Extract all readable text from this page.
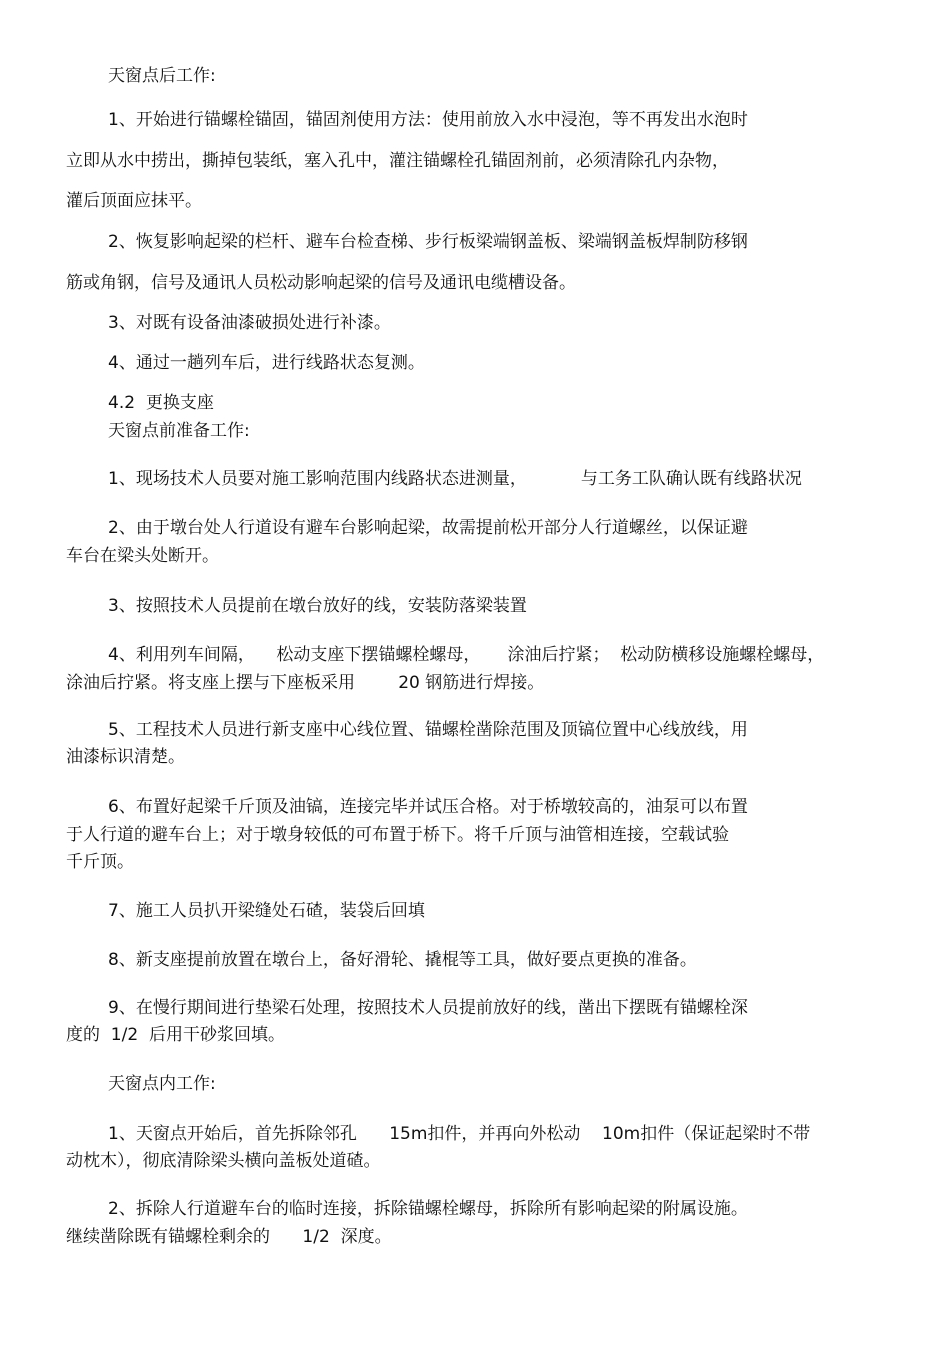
天窗点后工作:
1、开始进行锚螺栓锚固，锚固剂使用方法：使用前放入水中浸泡，等不再发出水泡时
立即从水中捞出，撕掉包装纸，塞入孔中，灌注锚螺栓孔锚固剂前，必须清除孔内杂物，
灌后顶面应抹平。
2、恢复影响起梁的栏杆、避车台检查梯、步行板梁端钢盖板、梁端钢盖板焊制防移钢
筋或角钢，信号及通讯人员松动影响起梁的信号及通讯电缆槽设备。
3、对既有设备油漆破损处进行补漆。
4、通过一趟列车后，进行线路状态复测。
4.2  更换支座
天窗点前准备工作:
1、现场技术人员要对施工影响范围内线路状态进测量，          与工务工队确认既有线路状况
2、由于墩台处人行道设有避车台影响起梁，故需提前松开部分人行道螺丝，以保证避
车台在梁头处断开。
3、按照技术人员提前在墩台放好的线，安装防落梁装置
4、利用列车间隔，    松动支座下摆锚螺栓螺母，     涂油后拧紧；  松动防横移设施螺栓螺母，
涂油后拧紧。将支座上摆与下座板采用        20 钢筋进行焊接。
5、工程技术人员进行新支座中心线位置、锚螺栓凿除范围及顶镐位置中心线放线，用
油漆标识清楚。
6、布置好起梁千斤顶及油镐，连接完毕并试压合格。对于桥墩较高的，油泵可以布置
于人行道的避车台上；对于墩身较低的可布置于桥下。将千斤顶与油管相连接，空载试验
千斤顶。
7、施工人员扒开梁缝处石碴，装袋后回填
8、新支座提前放置在墩台上，备好滑轮、撬棍等工具，做好要点更换的准备。
9、在慢行期间进行垫梁石处理，按照技术人员提前放好的线，凿出下摆既有锚螺栓深
度的  1/2  后用干砂浆回填。
天窗点内工作:
1、天窗点开始后，首先拆除邻孔      15m扣件，并再向外松动    10m扣件（保证起梁时不带
动枕木），彻底清除梁头横向盖板处道碴。
2、拆除人行道避车台的临时连接，拆除锚螺栓螺母，拆除所有影响起梁的附属设施。
继续凿除既有锚螺栓剩余的      1/2  深度。
